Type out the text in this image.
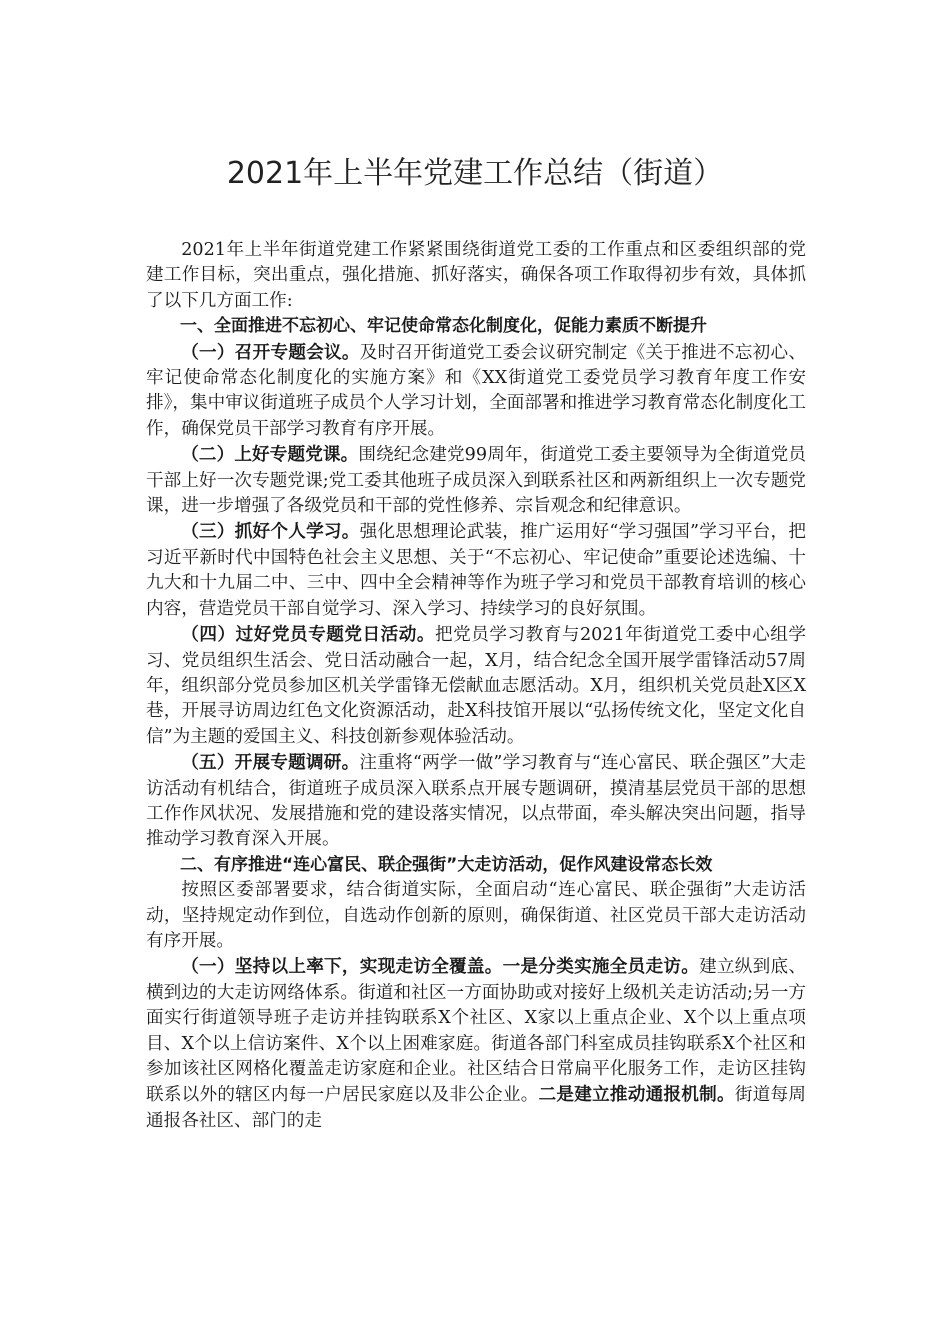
2021年上半年党建工作总结（街道）

2021年上半年街道党建工作紧紧围绕街道党工委的工作重点和区委组织部的党建工作目标，突出重点，强化措施、抓好落实，确保各项工作取得初步有效，具体抓了以下几方面工作:

一、全面推进不忘初心、牢记使命常态化制度化，促能力素质不断提升

（一）召开专题会议。及时召开街道党工委会议研究制定《关于推进不忘初心、牢记使命常态化制度化的实施方案》和《XX街道党工委党员学习教育年度工作安排》，集中审议街道班子成员个人学习计划，全面部署和推进学习教育常态化制度化工作，确保党员干部学习教育有序开展。

（二）上好专题党课。围绕纪念建党99周年，街道党工委主要领导为全街道党员干部上好一次专题党课;党工委其他班子成员深入到联系社区和两新组织上一次专题党课，进一步增强了各级党员和干部的党性修养、宗旨观念和纪律意识。

（三）抓好个人学习。强化思想理论武装，推广运用好“学习强国”学习平台，把习近平新时代中国特色社会主义思想、关于“不忘初心、牢记使命”重要论述选编、十九大和十九届二中、三中、四中全会精神等作为班子学习和党员干部教育培训的核心内容，营造党员干部自觉学习、深入学习、持续学习的良好氛围。

（四）过好党员专题党日活动。把党员学习教育与2021年街道党工委中心组学习、党员组织生活会、党日活动融合一起，X月，结合纪念全国开展学雷锋活动57周年，组织部分党员参加区机关学雷锋无偿献血志愿活动。X月，组织机关党员赴X区X巷，开展寻访周边红色文化资源活动，赴X科技馆开展以“弘扬传统文化，坚定文化自信”为主题的爱国主义、科技创新参观体验活动。

（五）开展专题调研。注重将“两学一做”学习教育与“连心富民、联企强区”大走访活动有机结合，街道班子成员深入联系点开展专题调研，摸清基层党员干部的思想工作作风状况、发展措施和党的建设落实情况，以点带面，牵头解决突出问题，指导推动学习教育深入开展。

二、有序推进“连心富民、联企强街”大走访活动，促作风建设常态长效

按照区委部署要求，结合街道实际，全面启动“连心富民、联企强街”大走访活动，坚持规定动作到位，自选动作创新的原则，确保街道、社区党员干部大走访活动有序开展。

（一）坚持以上率下，实现走访全覆盖。一是分类实施全员走访。建立纵到底、横到边的大走访网络体系。街道和社区一方面协助或对接好上级机关走访活动;另一方面实行街道领导班子走访并挂钩联系X个社区、X家以上重点企业、X个以上重点项目、X个以上信访案件、X个以上困难家庭。街道各部门科室成员挂钩联系X个社区和参加该社区网格化覆盖走访家庭和企业。社区结合日常扁平化服务工作，走访区挂钩联系以外的辖区内每一户居民家庭以及非公企业。二是建立推动通报机制。街道每周通报各社区、部门的走
